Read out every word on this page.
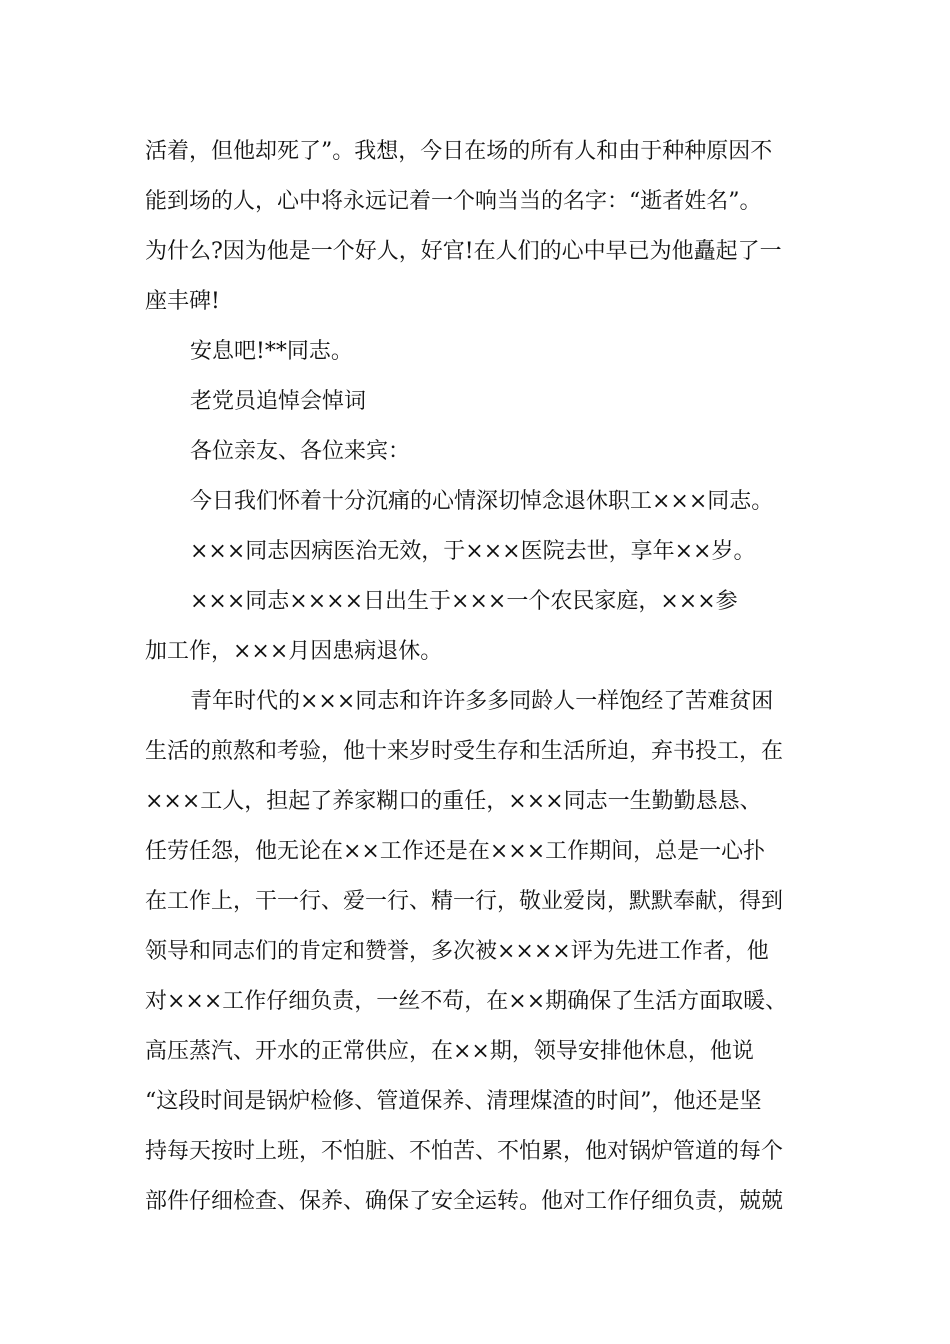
活着，但他却死了”。我想，今日在场的所有人和由于种种原因不
能到场的人，心中将永远记着一个响当当的名字：“逝者姓名”。
为什么?因为他是一个好人，好官!在人们的心中早已为他矗起了一
座丰碑!
安息吧!**同志。
老党员追悼会悼词
各位亲友、各位来宾：
今日我们怀着十分沉痛的心情深切悼念退休职工×××同志。
×××同志因病医治无效，于×××医院去世，享年××岁。
×××同志××××日出生于×××一个农民家庭，×××参
加工作，×××月因患病退休。
青年时代的×××同志和许许多多同龄人一样饱经了苦难贫困
生活的煎熬和考验，他十来岁时受生存和生活所迫，弃书投工，在
×××工人，担起了养家糊口的重任，×××同志一生勤勤恳恳、
任劳任怨，他无论在××工作还是在×××工作期间，总是一心扑
在工作上，干一行、爱一行、精一行，敬业爱岗，默默奉献，得到
领导和同志们的肯定和赞誉，多次被××××评为先进工作者，他
对×××工作仔细负责，一丝不苟，在××期确保了生活方面取暖、
高压蒸汽、开水的正常供应，在××期，领导安排他休息，他说
“这段时间是锅炉检修、管道保养、清理煤渣的时间”，他还是坚
持每天按时上班，不怕脏、不怕苦、不怕累，他对锅炉管道的每个
部件仔细检查、保养、确保了安全运转。他对工作仔细负责，兢兢
